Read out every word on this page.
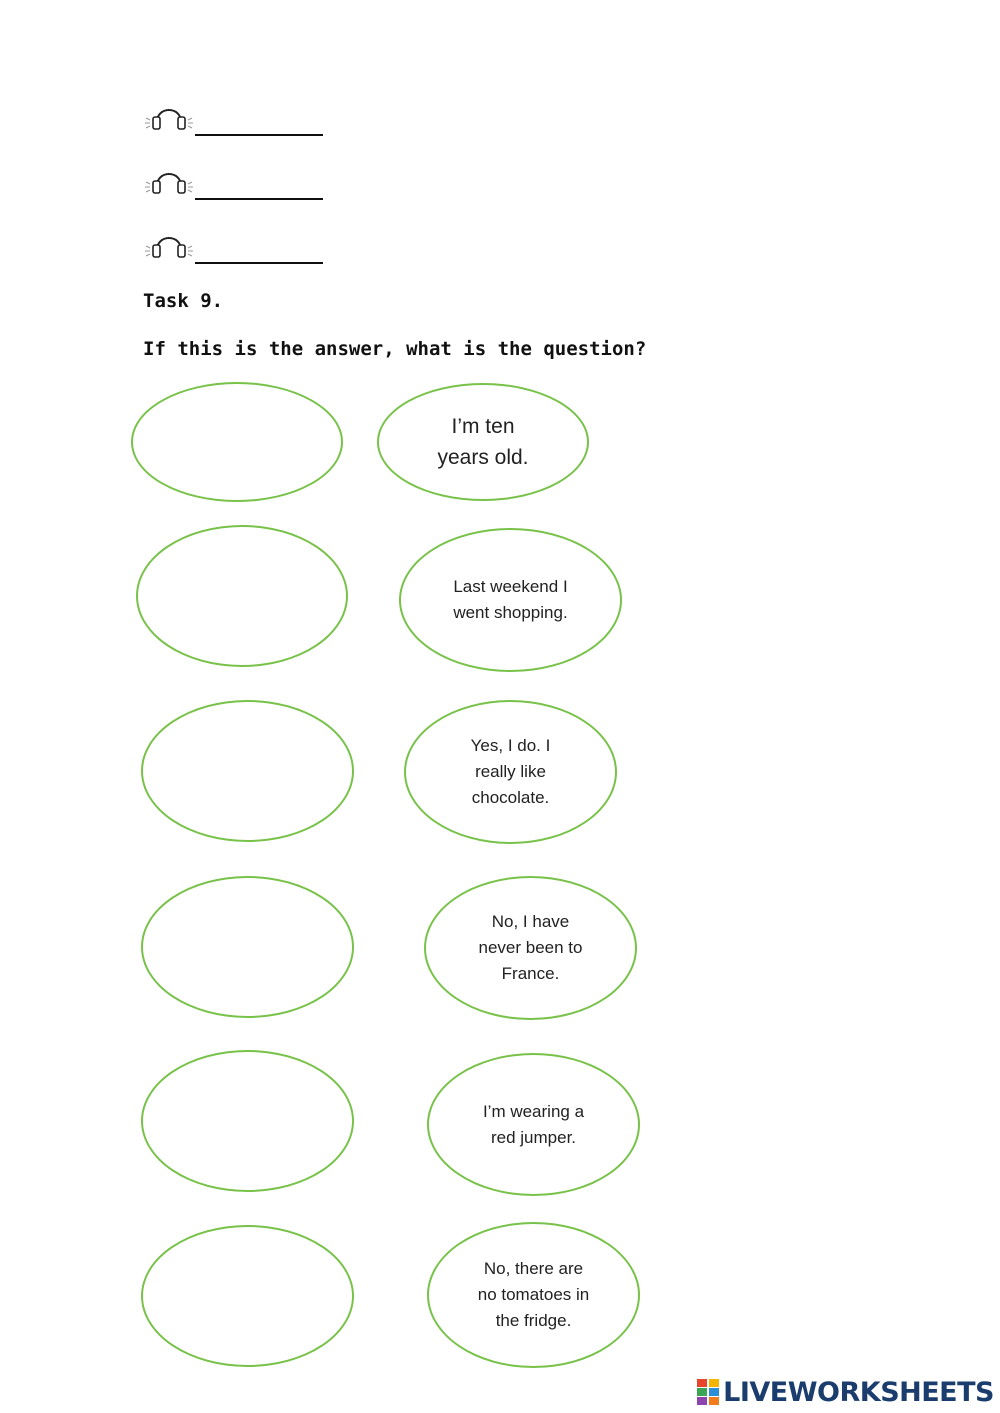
Task 9.
If this is the answer, what is the question?
I’m ten years old.
Last weekend I went shopping.
Yes, I do. I really like chocolate.
No, I have never been to France.
I’m wearing a red jumper.
No, there are no tomatoes in the fridge.
LIVEWORKSHEETS
